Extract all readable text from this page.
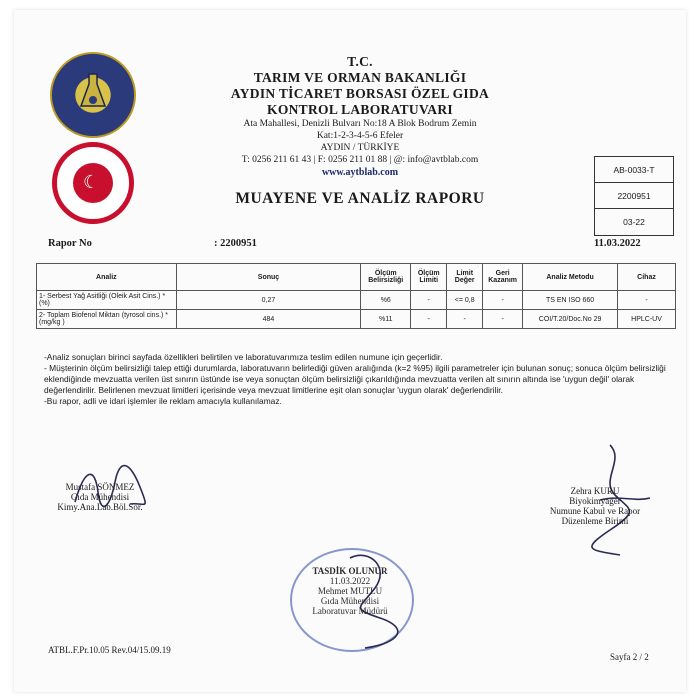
☾
T.C.
TARIM VE ORMAN BAKANLIĞI
AYDIN TİCARET BORSASI ÖZEL GIDA
KONTROL LABORATUVARI
Ata Mahallesi, Denizli Bulvarı No:18 A Blok Bodrum Zemin
Kat:1-2-3-4-5-6 Efeler
AYDIN / TÜRKİYE
T: 0256 211 61 43 | F: 0256 211 01 88 | @: info@avtblab.com
www.aytblab.com
MUAYENE VE ANALİZ RAPORU
AB-0033-T
2200951
03-22
Rapor No	: 2200951	11.03.2022
Analiz	Sonuç	Ölçüm Belirsizliği	Ölçüm Limiti	Limit Değer	Geri Kazanım	Analiz Metodu	Cihaz
1- Serbest Yağ Asitliği (Oleik Asit Cins.) * (%)	0,27	%6	-	<= 0,8	-	TS EN ISO 660	-
2- Toplam Biofenol Miktarı (tyrosol cins.) * (mg/kg )	484	%11	-	-	-	COI/T.20/Doc.No 29	HPLC-UV
-Analiz sonuçları birinci sayfada özellikleri belirtilen ve laboratuvarımıza teslim edilen numune için geçerlidir.
- Müşterinin ölçüm belirsizliği talep ettiği durumlarda, laboratuvarın belirlediği güven aralığında (k=2 %95) ilgili parametreler için bulunan sonuç; sonuca ölçüm belirsizliği eklendiğinde mevzuatta verilen üst sınırın üstünde ise veya sonuçtan ölçüm belirsizliği çıkarıldığında mevzuatta verilen alt sınırın altında ise 'uygun değil' olarak değerlendirilir. Belirlenen mevzuat limitleri içerisinde veya mevzuat limitlerine eşit olan sonuçlar 'uygun olarak' değerlendirilir.
-Bu rapor, adli ve idari işlemler ile reklam amacıyla kullanılamaz.
Mustafa SÖNMEZ
Gıda Mühendisi
Kimy.Ana.Lab.Böl.Sor.
Zehra KURU
Biyokimyager
Numune Kabul ve Rapor
Düzenleme Birimi
TASDİK OLUNUR
11.03.2022
Mehmet MUTLU
Gıda Mühendisi
Laboratuvar Müdürü
ATBL.F.Pr.10.05 Rev.04/15.09.19
Sayfa 2 / 2
